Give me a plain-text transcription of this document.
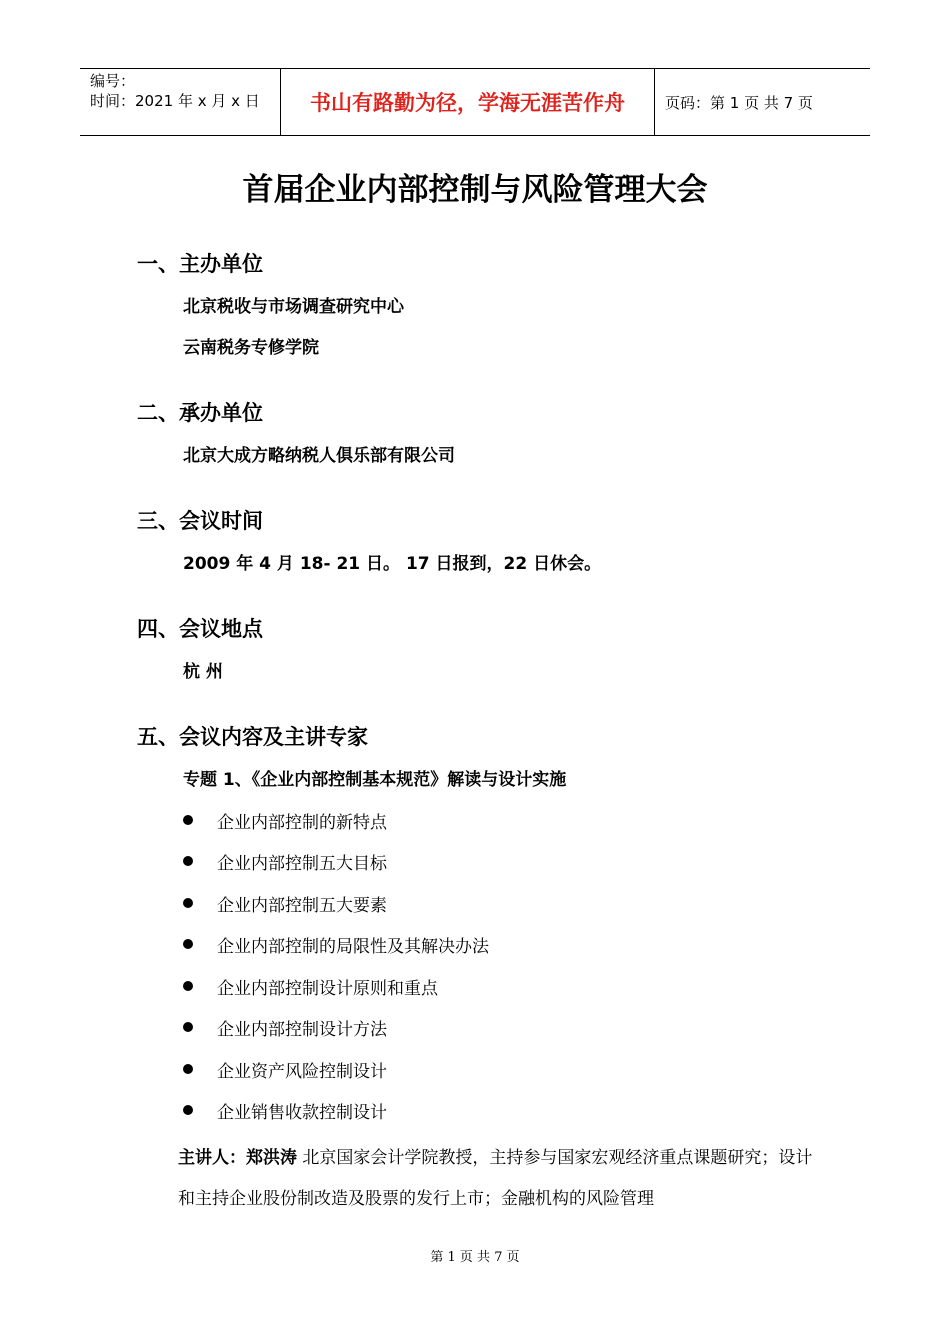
编号：
时间：2021 年 x 月 x 日	书山有路勤为径，学海无涯苦作舟	页码：第 1 页 共 7 页
首届企业内部控制与风险管理大会
一、主办单位
北京税收与市场调查研究中心
云南税务专修学院
二、承办单位
北京大成方略纳税人俱乐部有限公司
三、会议时间
2009 年 4 月 18- 21 日。 17 日报到，22 日休会。
四、会议地点
杭 州
五、会议内容及主讲专家
专题 1、《企业内部控制基本规范》解读与设计实施
企业内部控制的新特点
企业内部控制五大目标
企业内部控制五大要素
企业内部控制的局限性及其解决办法
企业内部控制设计原则和重点
企业内部控制设计方法
企业资产风险控制设计
企业销售收款控制设计

主讲人：郑洪涛 北京国家会计学院教授，主持参与国家宏观经济重点课题研究；设计和主持企业股份制改造及股票的发行上市；金融机构的风险管理

第 1 页 共 7 页
